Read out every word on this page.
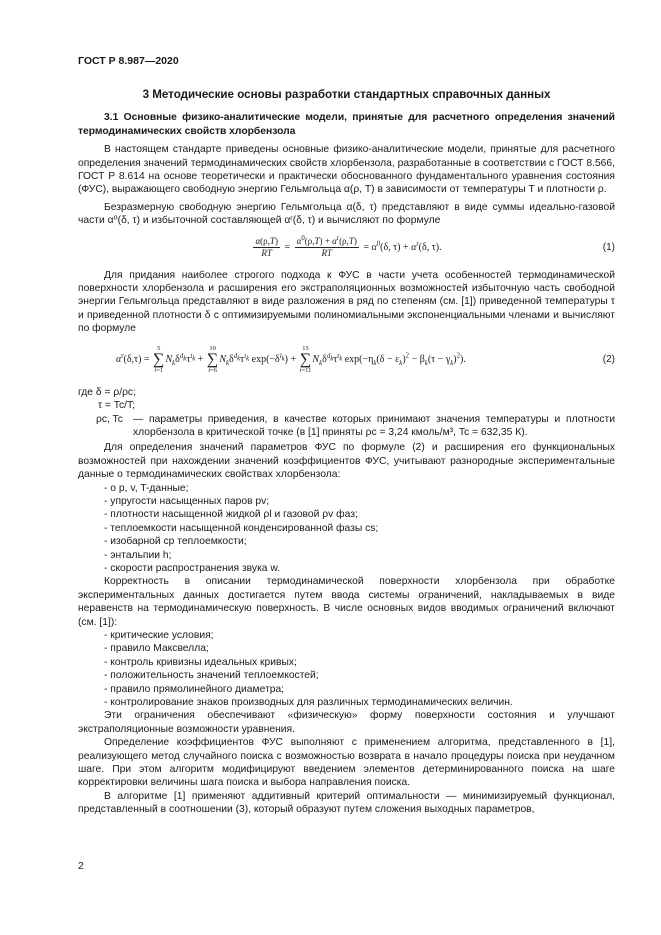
ГОСТ Р 8.987—2020
3 Методические основы разработки стандартных справочных данных
3.1 Основные физико-аналитические модели, принятые для расчетного определения значений термодинамических свойств хлорбензола

В настоящем стандарте приведены основные физико-аналитические модели, принятые для расчетного определения значений термодинамических свойств хлорбензола, разработанные в соответствии с ГОСТ 8.566, ГОСТ Р 8.614 на основе теоретически и практически обоснованного фундаментального уравнения состояния (ФУС), выражающего свободную энергию Гельмгольца α(ρ, T) в зависимости от температуры T и плотности ρ.

Безразмерную свободную энергию Гельмгольца α(δ, τ) представляют в виде суммы идеально-газовой части α⁰(δ, τ) и избыточной составляющей αʳ(δ, τ) и вычисляют по формуле

$\frac{\alpha(\rho,T)}{RT} = \frac{\alpha^0(\rho,T) + \alpha^r(\rho,T)}{RT} = \alpha^0(\delta$, $\tau) + \alpha^r(\delta$, τ).	(1)

Для придания наиболее строгого подхода к ФУС в части учета особенностей термодинамической поверхности хлорбензола и расширения его экстраполяционных возможностей избыточную часть свободной энергии Гельмгольца представляют в виде разложения в ряд по степеням (см. [1]) приведенной температуры τ и приведенной плотности δ с оптимизируемыми полиномиальными экспоненциальными членами и вычисляют по формуле

$\alpha^r(\delta,\tau)$ =
5
∑
i=1
$N_k\delta^{d_k}\tau^{t_k}$ +
10
∑
i=6
$N_k\delta^{d_k}\tau^{t_k}$ $\exp(-\delta^{l_k})$ +
15
∑
i=11
$N_k\delta^{d_k}\tau^{t_k}$ $\exp(-\eta_k(\delta - \varepsilon_k)^2 - \beta_k(\tau - \gamma_k)^2)$.	(2)
где δ = ρ/ρc;
τ = Tc/T;
ρc, Tc — параметры приведения, в качестве которых принимают значения температуры и плотности хлорбензола в критической точке (в [1] приняты ρc = 3,24 кмоль/м³, Tc = 632,35 К).

Для определения значений параметров ФУС по формуле (2) и расширения его функциональных возможностей при нахождении значений коэффициентов ФУС, учитывают разнородные экспериментальные данные о термодинамических свойствах хлорбензола:

- о p, v, T-данные;
- упругости насыщенных паров pv;
- плотности насыщенной жидкой ρl и газовой ρv фаз;
- теплоемкости насыщенной конденсированной фазы cs;
- изобарной cp теплоемкости;
- энтальпии h;
- скорости распространения звука w.

Корректность в описании термодинамической поверхности хлорбензола при обработке экспериментальных данных достигается путем ввода системы ограничений, накладываемых в виде неравенств на термодинамическую поверхность. В числе основных видов вводимых ограничений включают (см. [1]):

- критические условия;
- правило Максвелла;
- контроль кривизны идеальных кривых;
- положительность значений теплоемкостей;
- правило прямолинейного диаметра;
- контролирование знаков производных для различных термодинамических величин.

Эти ограничения обеспечивают «физическую» форму поверхности состояния и улучшают экстраполяционные возможности уравнения.

Определение коэффициентов ФУС выполняют с применением алгоритма, представленного в [1], реализующего метод случайного поиска с возможностью возврата в начало процедуры поиска при неудачном шаге. При этом алгоритм модифицируют введением элементов детерминированного поиска на шаге корректировки величины шага поиска и выбора направления поиска.

В алгоритме [1] применяют аддитивный критерий оптимальности — минимизируемый функционал, представленный в соотношении (3), который образуют путем сложения выходных параметров,

2
